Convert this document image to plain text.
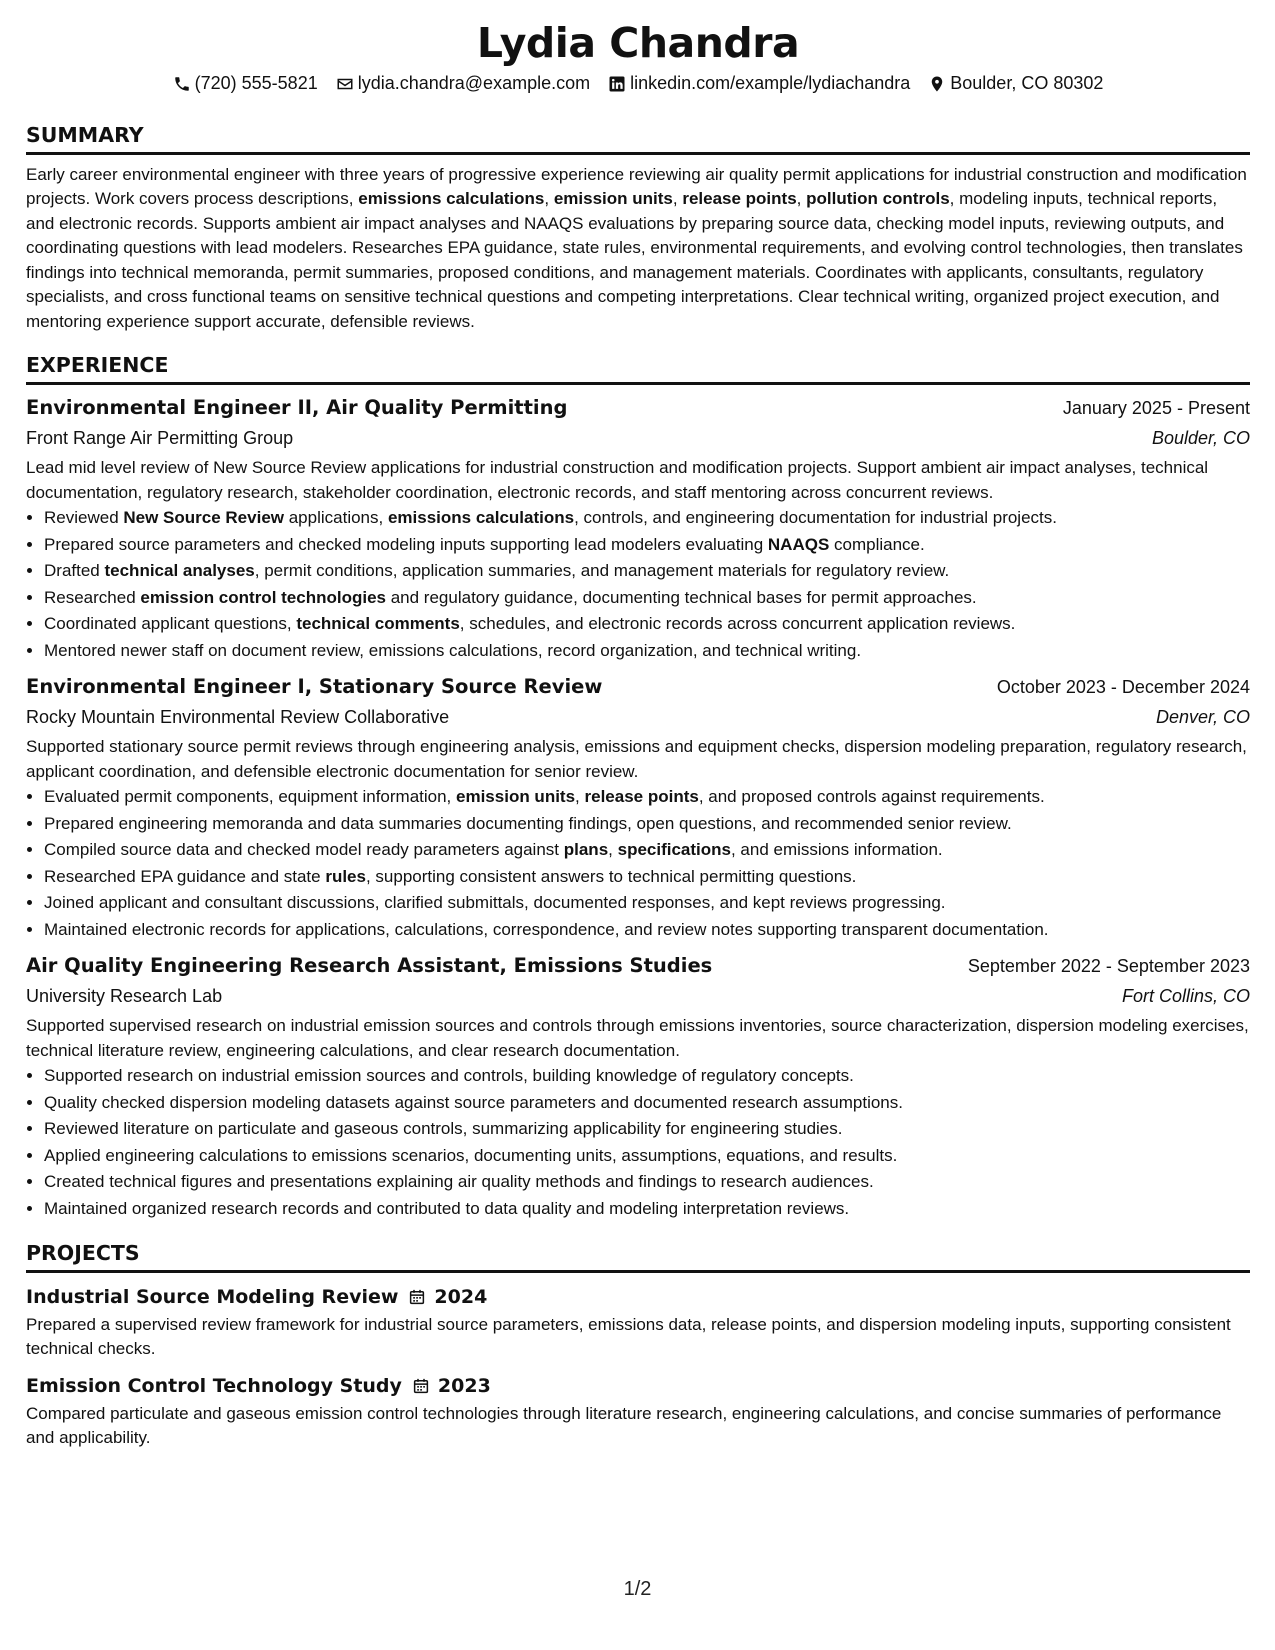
Lydia Chandra
(720) 555-5821 lydia.chandra@example.com linkedin.com/example/lydiachandra Boulder, CO 80302
SUMMARY

Early career environmental engineer with three years of progressive experience reviewing air quality permit applications for industrial construction and modification projects. Work covers process descriptions, emissions calculations, emission units, release points, pollution controls, modeling inputs, technical reports, and electronic records. Supports ambient air impact analyses and NAAQS evaluations by preparing source data, checking model inputs, reviewing outputs, and coordinating questions with lead modelers. Researches EPA guidance, state rules, environmental requirements, and evolving control technologies, then translates findings into technical memoranda, permit summaries, proposed conditions, and management materials. Coordinates with applicants, consultants, regulatory specialists, and cross functional teams on sensitive technical questions and competing interpretations. Clear technical writing, organized project execution, and mentoring experience support accurate, defensible reviews.

EXPERIENCE
Environmental Engineer II, Air Quality Permitting	January 2025 - Present
Front Range Air Permitting Group	Boulder, CO

Lead mid level review of New Source Review applications for industrial construction and modification projects. Support ambient air impact analyses, technical documentation, regulatory research, stakeholder coordination, electronic records, and staff mentoring across concurrent reviews.

• Reviewed New Source Review applications, emissions calculations, controls, and engineering documentation for industrial projects.
• Prepared source parameters and checked modeling inputs supporting lead modelers evaluating NAAQS compliance.
• Drafted technical analyses, permit conditions, application summaries, and management materials for regulatory review.
• Researched emission control technologies and regulatory guidance, documenting technical bases for permit approaches.
• Coordinated applicant questions, technical comments, schedules, and electronic records across concurrent application reviews.
• Mentored newer staff on document review, emissions calculations, record organization, and technical writing.
Environmental Engineer I, Stationary Source Review	October 2023 - December 2024
Rocky Mountain Environmental Review Collaborative	Denver, CO

Supported stationary source permit reviews through engineering analysis, emissions and equipment checks, dispersion modeling preparation, regulatory research, applicant coordination, and defensible electronic documentation for senior review.

• Evaluated permit components, equipment information, emission units, release points, and proposed controls against requirements.
• Prepared engineering memoranda and data summaries documenting findings, open questions, and recommended senior review.
• Compiled source data and checked model ready parameters against plans, specifications, and emissions information.
• Researched EPA guidance and state rules, supporting consistent answers to technical permitting questions.
• Joined applicant and consultant discussions, clarified submittals, documented responses, and kept reviews progressing.
• Maintained electronic records for applications, calculations, correspondence, and review notes supporting transparent documentation.
Air Quality Engineering Research Assistant, Emissions Studies	September 2022 - September 2023
University Research Lab	Fort Collins, CO

Supported supervised research on industrial emission sources and controls through emissions inventories, source characterization, dispersion modeling exercises, technical literature review, engineering calculations, and clear research documentation.

• Supported research on industrial emission sources and controls, building knowledge of regulatory concepts.
• Quality checked dispersion modeling datasets against source parameters and documented research assumptions.
• Reviewed literature on particulate and gaseous controls, summarizing applicability for engineering studies.
• Applied engineering calculations to emissions scenarios, documenting units, assumptions, equations, and results.
• Created technical figures and presentations explaining air quality methods and findings to research audiences.
• Maintained organized research records and contributed to data quality and modeling interpretation reviews.
PROJECTS
Industrial Source Modeling Review 2024

Prepared a supervised review framework for industrial source parameters, emissions data, release points, and dispersion modeling inputs, supporting consistent technical checks.

Emission Control Technology Study 2023

Compared particulate and gaseous emission control technologies through literature research, engineering calculations, and concise summaries of performance and applicability.

1/2
